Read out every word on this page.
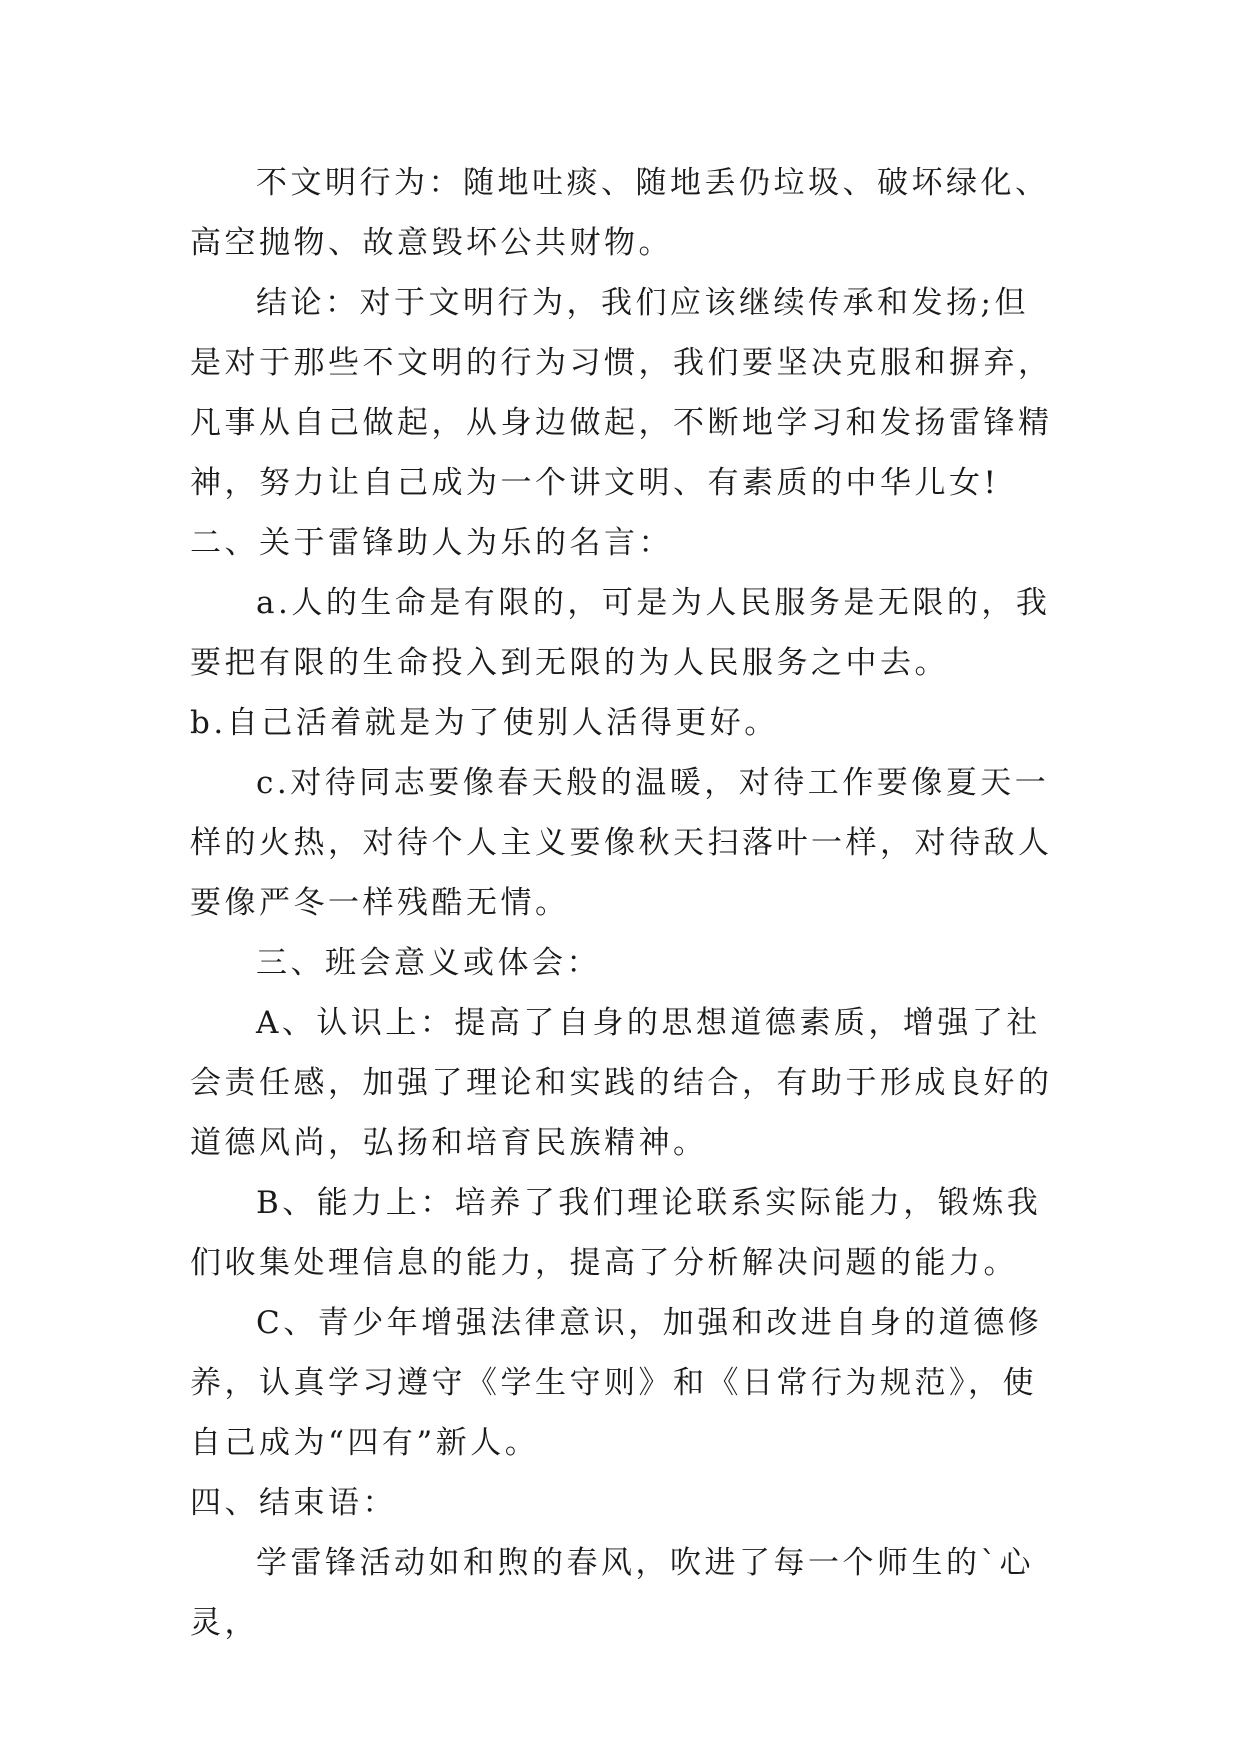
不文明行为：随地吐痰、随地丢仍垃圾、破坏绿化、高空抛物、故意毁坏公共财物。

结论：对于文明行为，我们应该继续传承和发扬;但是对于那些不文明的行为习惯，我们要坚决克服和摒弃，凡事从自己做起，从身边做起，不断地学习和发扬雷锋精神，努力让自己成为一个讲文明、有素质的中华儿女!

二、关于雷锋助人为乐的名言：

a.人的生命是有限的，可是为人民服务是无限的，我要把有限的生命投入到无限的为人民服务之中去。

b.自己活着就是为了使别人活得更好。

c.对待同志要像春天般的温暖，对待工作要像夏天一样的火热，对待个人主义要像秋天扫落叶一样，对待敌人要像严冬一样残酷无情。

三、班会意义或体会：

A、认识上：提高了自身的思想道德素质，增强了社会责任感，加强了理论和实践的结合，有助于形成良好的道德风尚，弘扬和培育民族精神。

B、能力上：培养了我们理论联系实际能力，锻炼我们收集处理信息的能力，提高了分析解决问题的能力。

C、青少年增强法律意识，加强和改进自身的道德修养，认真学习遵守《学生守则》和《日常行为规范》，使自己成为“四有”新人。

四、结束语：

学雷锋活动如和煦的春风，吹进了每一个师生的`心灵，
